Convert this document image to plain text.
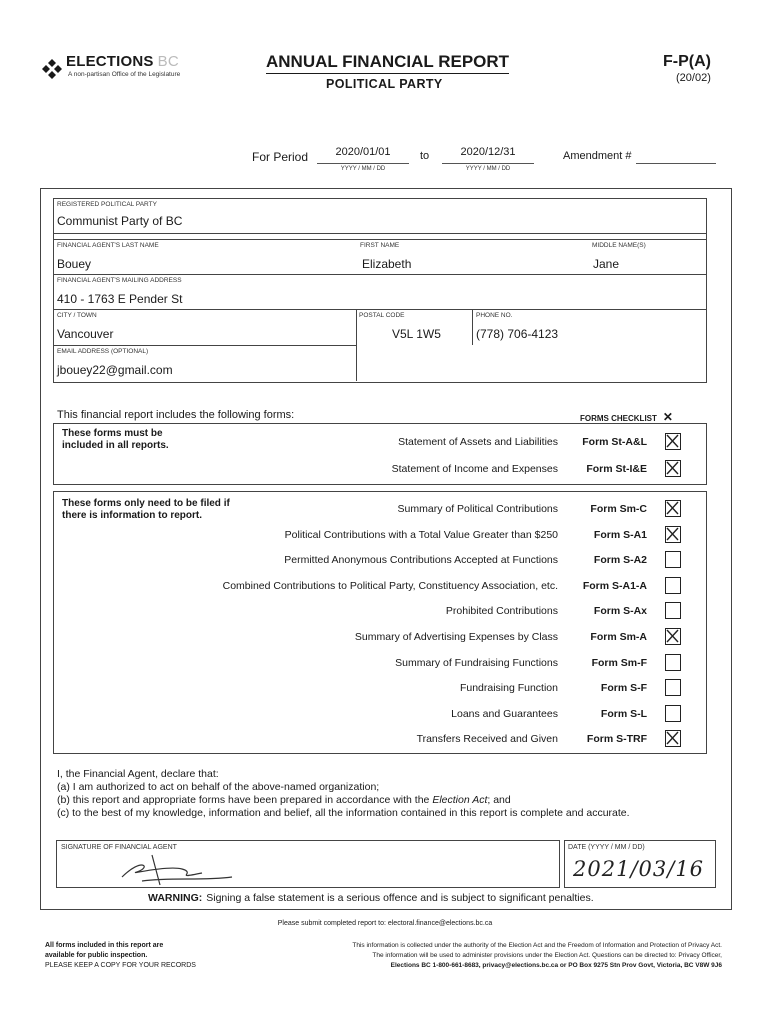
ELECTIONS BC
A non-partisan Office of the Legislature
ANNUAL FINANCIAL REPORT
POLITICAL PARTY
F-P(A)
(20/02)
For Period	2020/01/01
YYYY / MM / DD
to	2020/12/31
YYYY / MM / DD
Amendment #
REGISTERED POLITICAL PARTY
Communist Party of BC
FINANCIAL AGENT'S LAST NAME
Bouey
FIRST NAME
Elizabeth
MIDDLE NAME(S)
Jane
FINANCIAL AGENT'S MAILING ADDRESS
410 - 1763 E Pender St
CITY / TOWN
Vancouver
POSTAL CODE
V5L 1W5
PHONE NO.
(778) 706-4123
EMAIL ADDRESS (OPTIONAL)
jbouey22@gmail.com
This financial report includes the following forms:	FORMS CHECKLIST ✕
These forms must be included in all reports.	Statement of Assets and Liabilities	Form St-A&L
Statement of Income and Expenses	Form St-I&E
These forms only need to be filed if there is information to report.
Summary of Political Contributions	Form Sm-C
Political Contributions with a Total Value Greater than $250	Form S-A1
Permitted Anonymous Contributions Accepted at Functions	Form S-A2
Combined Contributions to Political Party, Constituency Association, etc.	Form S-A1-A
Prohibited Contributions	Form S-Ax
Summary of Advertising Expenses by Class	Form Sm-A
Summary of Fundraising Functions	Form Sm-F
Fundraising Function	Form S-F
Loans and Guarantees	Form S-L
Transfers Received and Given	Form S-TRF
I, the Financial Agent, declare that:
(a) I am authorized to act on behalf of the above-named organization;
(b) this report and appropriate forms have been prepared in accordance with the Election Act; and
(c) to the best of my knowledge, information and belief, all the information contained in this report is complete and accurate.
SIGNATURE OF FINANCIAL AGENT	DATE (YYYY / MM / DD)
2021/03/16
WARNING: Signing a false statement is a serious offence and is subject to significant penalties.
Please submit completed report to: electoral.finance@elections.bc.ca
All forms included in this report are
available for public inspection.
PLEASE KEEP A COPY FOR YOUR RECORDS
This information is collected under the authority of the Election Act and the Freedom of Information and Protection of Privacy Act.
The information will be used to administer provisions under the Election Act. Questions can be directed to: Privacy Officer,
Elections BC 1-800-661-8683, privacy@elections.bc.ca or PO Box 9275 Stn Prov Govt, Victoria, BC V8W 9J6
